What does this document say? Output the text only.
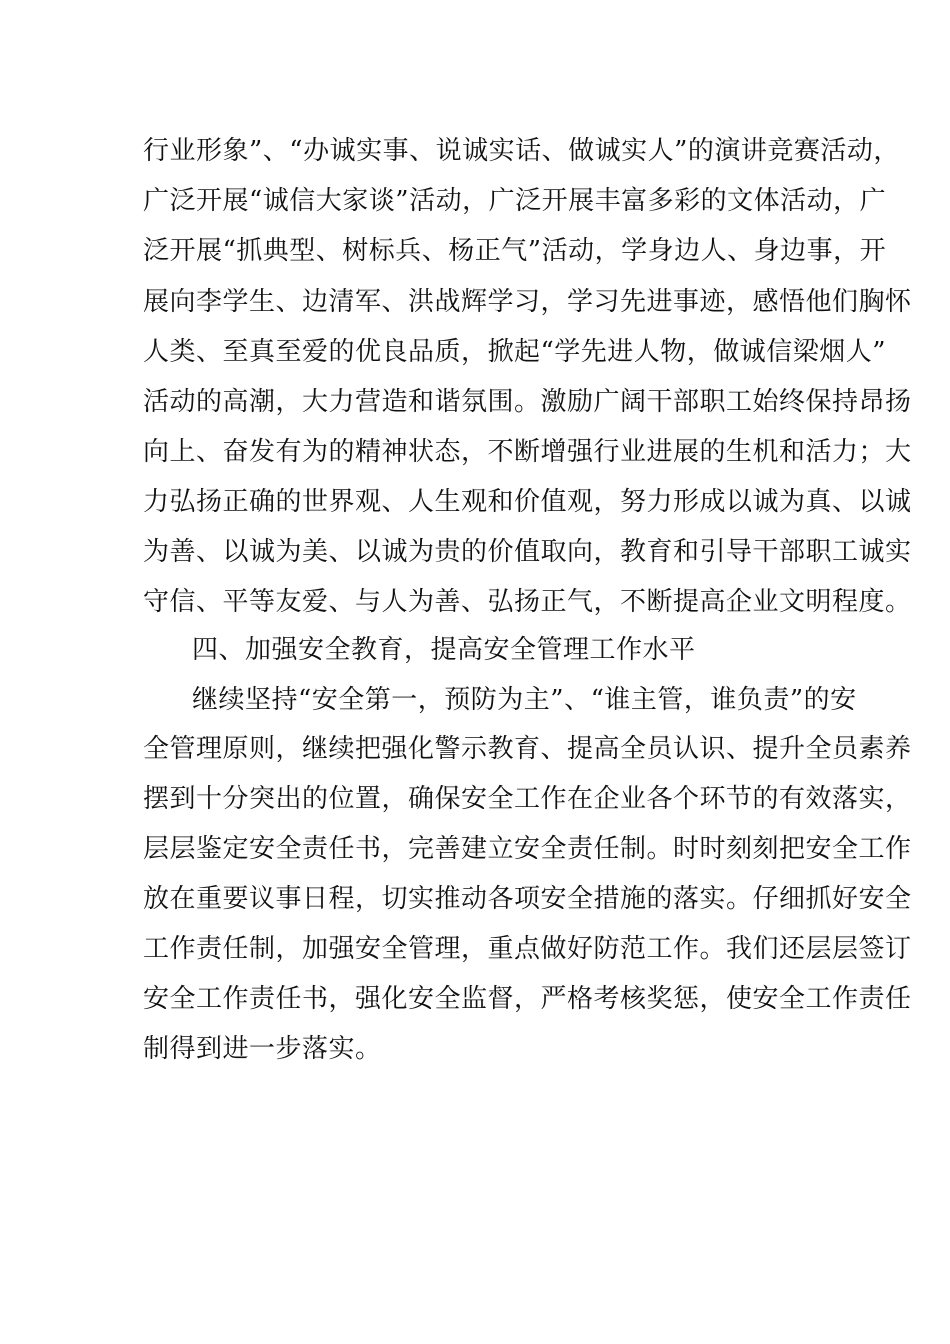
行业形象”、“办诚实事、说诚实话、做诚实人”的演讲竞赛活动，
广泛开展“诚信大家谈”活动，广泛开展丰富多彩的文体活动，广
泛开展“抓典型、树标兵、杨正气”活动，学身边人、身边事，开
展向李学生、边清军、洪战辉学习，学习先进事迹，感悟他们胸怀
人类、至真至爱的优良品质，掀起“学先进人物，做诚信梁烟人”
活动的高潮，大力营造和谐氛围。激励广阔干部职工始终保持昂扬
向上、奋发有为的精神状态，不断增强行业进展的生机和活力；大
力弘扬正确的世界观、人生观和价值观，努力形成以诚为真、以诚
为善、以诚为美、以诚为贵的价值取向，教育和引导干部职工诚实
守信、平等友爱、与人为善、弘扬正气，不断提高企业文明程度。
四、加强安全教育，提高安全管理工作水平
继续坚持“安全第一，预防为主”、“谁主管，谁负责”的安
全管理原则，继续把强化警示教育、提高全员认识、提升全员素养
摆到十分突出的位置，确保安全工作在企业各个环节的有效落实，
层层鉴定安全责任书，完善建立安全责任制。时时刻刻把安全工作
放在重要议事日程，切实推动各项安全措施的落实。仔细抓好安全
工作责任制，加强安全管理，重点做好防范工作。我们还层层签订
安全工作责任书，强化安全监督，严格考核奖惩，使安全工作责任
制得到进一步落实。
